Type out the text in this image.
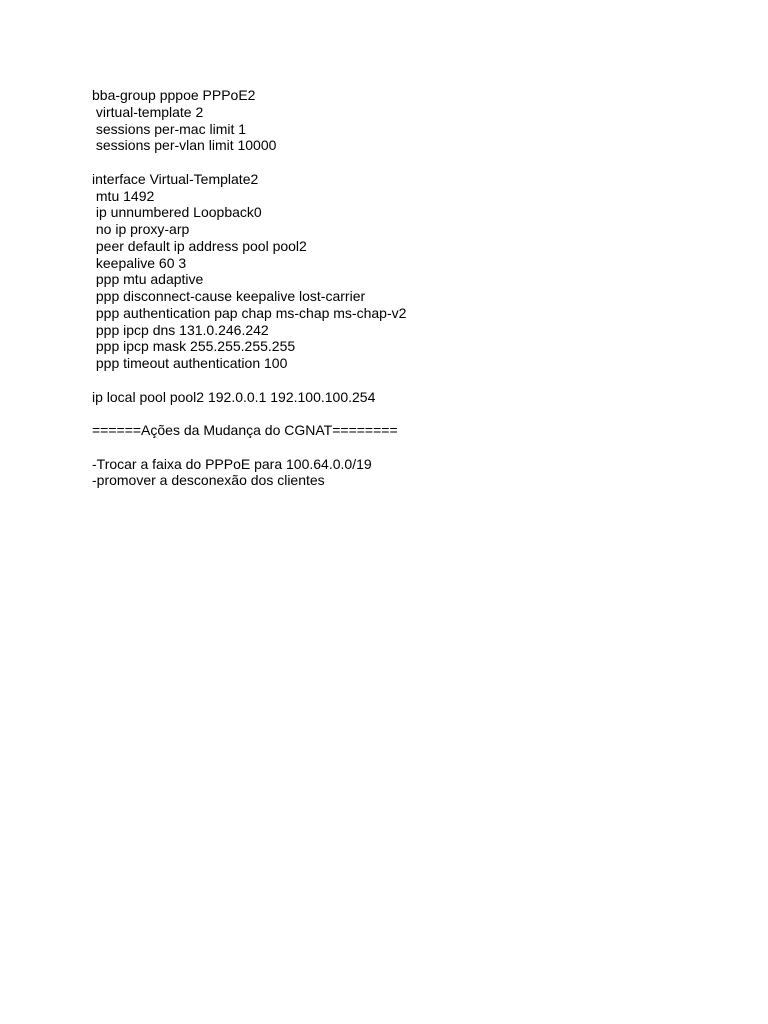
bba-group pppoe PPPoE2
virtual-template 2
sessions per-mac limit 1
sessions per-vlan limit 10000
interface Virtual-Template2
mtu 1492
ip unnumbered Loopback0
no ip proxy-arp
peer default ip address pool pool2
keepalive 60 3
ppp mtu adaptive
ppp disconnect-cause keepalive lost-carrier
ppp authentication pap chap ms-chap ms-chap-v2
ppp ipcp dns 131.0.246.242
ppp ipcp mask 255.255.255.255
ppp timeout authentication 100
ip local pool pool2 192.0.0.1 192.100.100.254
======Ações da Mudança do CGNAT========
-Trocar a faixa do PPPoE para 100.64.0.0/19
-promover a desconexão dos clientes
